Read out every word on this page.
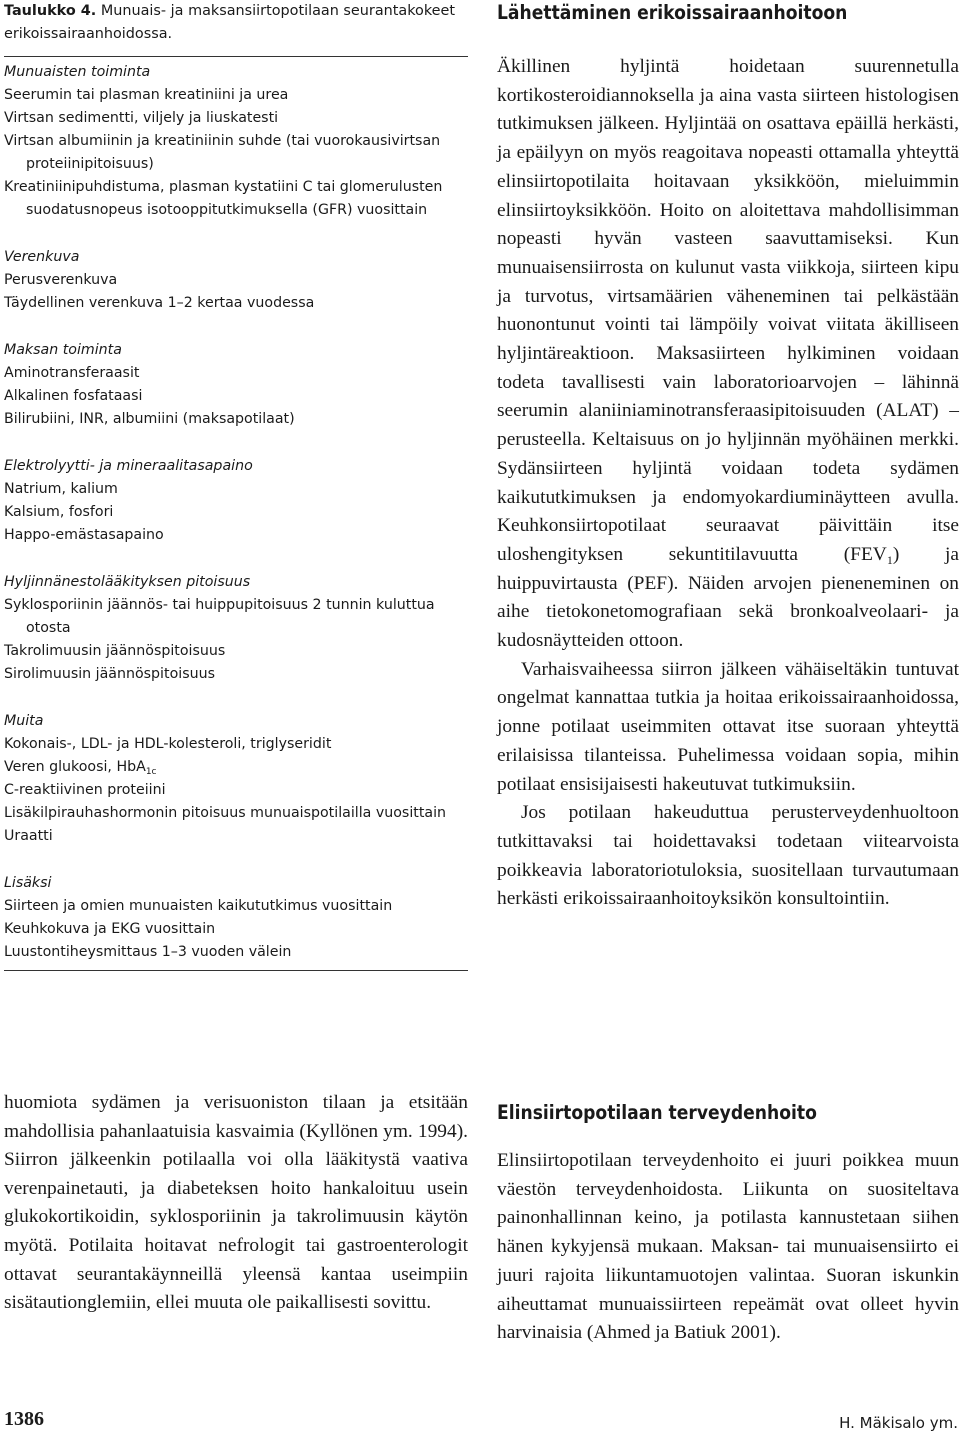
Taulukko 4. Munuais- ja maksansiirtopotilaan seurantakokeet erikoissairaanhoidossa.
Munuaisten toiminta
Seerumin tai plasman kreatiniini ja urea
Virtsan sedimentti, viljely ja liuskatesti
Virtsan albumiinin ja kreatiniinin suhde (tai vuorokausivirtsan proteiinipitoisuus)
Kreatiniinipuhdistuma, plasman kystatiini C tai glomerulusten suodatusnopeus isotooppitutkimuksella (GFR) vuosittain
Verenkuva
Perusverenkuva
Täydellinen verenkuva 1–2 kertaa vuodessa
Maksan toiminta
Aminotransferaasit
Alkalinen fosfataasi
Bilirubiini, INR, albumiini (maksapotilaat)
Elektrolyytti- ja mineraalitasapaino
Natrium, kalium
Kalsium, fosfori
Happo-emästasapaino
Hyljinnänestolääkityksen pitoisuus
Syklosporiinin jäännös- tai huippupitoisuus 2 tunnin kuluttua otosta
Takrolimuusin jäännöspitoisuus
Sirolimuusin jäännöspitoisuus
Muita
Kokonais-, LDL- ja HDL-kolesteroli, triglyseridit
Veren glukoosi, HbA$_{1c}$
C-reaktiivinen proteiini
Lisäkilpirauhashormonin pitoisuus munuaispotilailla vuosittain
Uraatti
Lisäksi
Siirteen ja omien munuaisten kaikututkimus vuosittain
Keuhkokuva ja EKG vuosittain
Luustontiheysmittaus 1–3 vuoden välein

huomiota sydämen ja verisuoniston tilaan ja etsitään mahdollisia pahanlaatuisia kasvaimia (Kyllönen ym. 1994). Siirron jälkeenkin potilaalla voi olla lääkitystä vaativa verenpainetauti, ja diabeteksen hoito hankaloituu usein glukokortikoidin, syklosporiinin ja takrolimuusin käytön myötä. Potilaita hoitavat nefrologit tai gastroenterologit ottavat seurantakäynneillä yleensä kantaa useimpiin sisätautionglemiin, ellei muuta ole paikallisesti sovittu.

Lähettäminen erikoissairaanhoitoon

Äkillinen hyljintä hoidetaan suurennetulla kortikosteroidiannoksella ja aina vasta siirteen histologisen tutkimuksen jälkeen. Hyljintää on osattava epäillä herkästi, ja epäilyyn on myös reagoitava nopeasti ottamalla yhteyttä elinsiirtopotilaita hoitavaan yksikköön, mieluimmin elinsiirtoyksikköön. Hoito on aloitettava mahdollisimman nopeasti hyvän vasteen saavuttamiseksi. Kun munuaisensiirrosta on kulunut vasta viikkoja, siirteen kipu ja turvotus, virtsamäärien väheneminen tai pelkästään huonontunut vointi tai lämpöily voivat viitata äkilliseen hyljintäreaktioon. Maksasiirteen hylkiminen voidaan todeta tavallisesti vain laboratorioarvojen – lähinnä seerumin alaniiniaminotransferaasipitoisuuden (ALAT) – perusteella. Keltaisuus on jo hyljinnän myöhäinen merkki. Sydänsiirteen hyljintä voidaan todeta sydämen kaikututkimuksen ja endomyokardiuminäytteen avulla. Keuhkonsiirtopotilaat seuraavat päivittäin itse uloshengityksen sekuntitilavuutta $(FEV_1)$ ja huippuvirtausta (PEF). Näiden arvojen pieneneminen on aihe tietokonetomografiaan sekä bronkoalveolaari- ja kudosnäytteiden ottoon.

Varhaisvaiheessa siirron jälkeen vähäiseltäkin tuntuvat ongelmat kannattaa tutkia ja hoitaa erikoissairaanhoidossa, jonne potilaat useimmiten ottavat itse suoraan yhteyttä erilaisissa tilanteissa. Puhelimessa voidaan sopia, mihin potilaat ensisijaisesti hakeutuvat tutkimuksiin.

Jos potilaan hakeuduttua perusterveydenhuoltoon tutkittavaksi tai hoidettavaksi todetaan viitearvoista poikkeavia laboratoriotuloksia, suositellaan turvautumaan herkästi erikoissairaanhoitoyksikön konsultointiin.

Elinsiirtopotilaan terveydenhoito

Elinsiirtopotilaan terveydenhoito ei juuri poikkea muun väestön terveydenhoidosta. Liikunta on suositeltava painonhallinnan keino, ja potilasta kannustetaan siihen hänen kykyjensä mukaan. Maksan- tai munuaisensiirto ei juuri rajoita liikuntamuotojen valintaa. Suoran iskunkin aiheuttamat munuaissiirteen repeämät ovat olleet hyvin harvinaisia (Ahmed ja Batiuk 2001).

1386	H. Mäkisalo ym.
